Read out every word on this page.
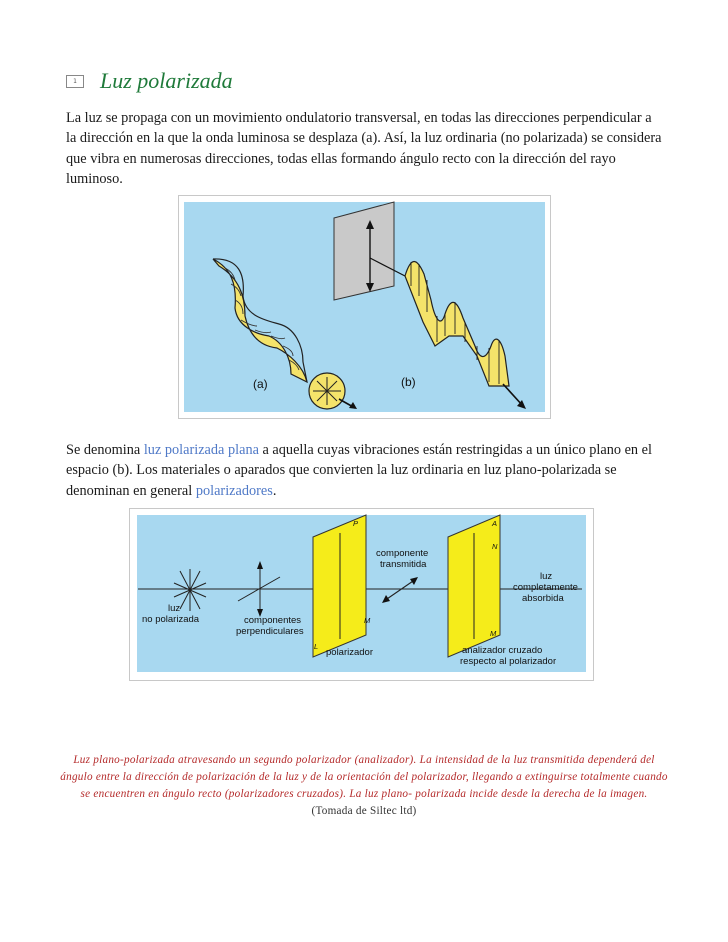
1	Luz polarizada

La luz se propaga con un movimiento ondulatorio transversal, en todas las direcciones perpendicular a la dirección en la que la onda luminosa se desplaza (a). Así, la luz ordinaria (no polarizada) se considera que vibra en numerosas direcciones, todas ellas formando ángulo recto con la dirección del rayo luminoso.

(a)	(b)

Se denomina luz polarizada plana a aquella cuyas vibraciones están restringidas a un único plano en el espacio (b). Los materiales o aparados que convierten la luz ordinaria en luz plano-polarizada se denominan en general polarizadores.

luz
no polarizada	componentes
perpendiculares
P
M
L
polarizador
componente
transmitida
A
N
M
luz
completamente
absorbida
analizador cruzado
respecto al polarizador
Luz plano-polarizada atravesando un segundo polarizador (analizador). La intensidad de la luz transmitida dependerá del ángulo entre la dirección de polarización de la luz y de la orientación del polarizador, llegando a extinguirse totalmente cuando se encuentren en ángulo recto (polarizadores cruzados). La luz plano- polarizada incide desde la derecha de la imagen. (Tomada de Siltec ltd)
